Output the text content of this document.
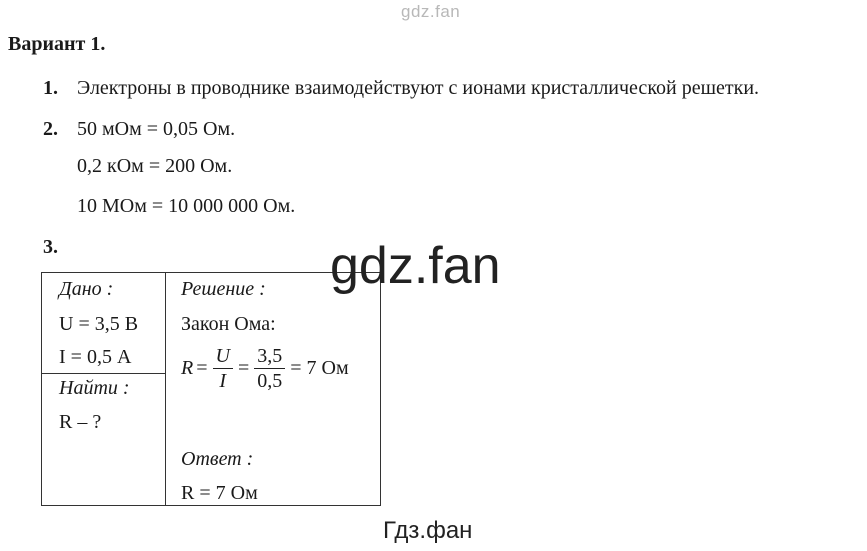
gdz.fan
Вариант 1.
1. Электроны в проводнике взаимодействуют с ионами кристаллической решетки.
2. 50 мОм = 0,05 Ом.
0,2 кОм = 200 Ом.
10 МОм = 10 000 000 Ом.
3.
Дано :
U = 3,5 В
I = 0,5 А
Найти :
R – ?
Решение :
Закон Ома:
$R = \frac{U}{I} = \frac{3,5}{0,5} = 7$ Ом
Ответ :
R = 7 Ом
gdz.fan
Гдз.фан
